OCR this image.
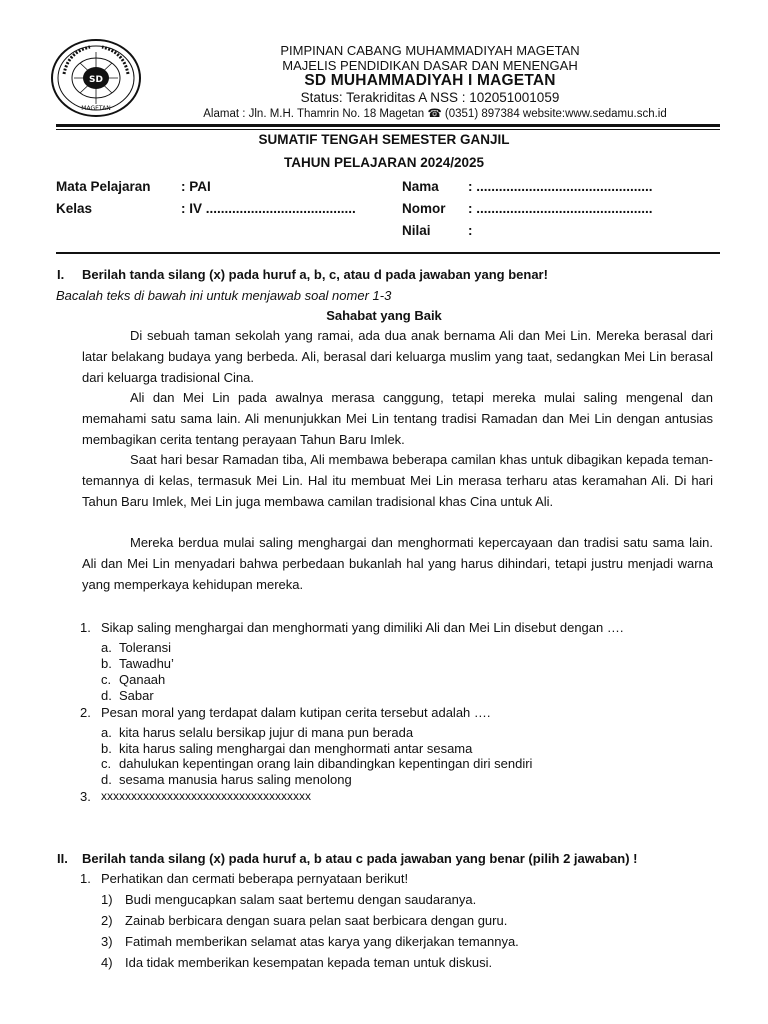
SD
MAGETAN
PIMPINAN CABANG MUHAMMADIYAH MAGETAN
MAJELIS PENDIDIKAN DASAR DAN MENENGAH
SD MUHAMMADIYAH I MAGETAN
Status: Terakriditas A NSS : 102051001059
Alamat : Jln. M.H. Thamrin No. 18 Magetan ☎ (0351) 897384 website:www.sedamu.sch.id
SUMATIF TENGAH SEMESTER GANJIL
TAHUN PELAJARAN 2024/2025
Mata Pelajaran : PAI
Kelas	: IV ........................................
Nama : ...............................................
Nomor : ...............................................
Nilai	:
I. Berilah tanda silang (x) pada huruf a, b, c, atau d pada jawaban yang benar!
Bacalah teks di bawah ini untuk menjawab soal nomer 1-3
Sahabat yang Baik

Di sebuah taman sekolah yang ramai, ada dua anak bernama Ali dan Mei Lin. Mereka berasal dari latar belakang budaya yang berbeda. Ali, berasal dari keluarga muslim yang taat, sedangkan Mei Lin berasal dari keluarga tradisional Cina.

Ali dan Mei Lin pada awalnya merasa canggung, tetapi mereka mulai saling mengenal dan memahami satu sama lain. Ali menunjukkan Mei Lin tentang tradisi Ramadan dan Mei Lin dengan antusias membagikan cerita tentang perayaan Tahun Baru Imlek.

Saat hari besar Ramadan tiba, Ali membawa beberapa camilan khas untuk dibagikan kepada teman-temannya di kelas, termasuk Mei Lin. Hal itu membuat Mei Lin merasa terharu atas keramahan Ali. Di hari Tahun Baru Imlek, Mei Lin juga membawa camilan tradisional khas Cina untuk Ali.

Mereka berdua mulai saling menghargai dan menghormati kepercayaan dan tradisi satu sama lain. Ali dan Mei Lin menyadari bahwa perbedaan bukanlah hal yang harus dihindari, tetapi justru menjadi warna yang memperkaya kehidupan mereka.

1. Sikap saling menghargai dan menghormati yang dimiliki Ali dan Mei Lin disebut dengan ….
a. Toleransi
b. Tawadhu’
c. Qanaah
d. Sabar
2. Pesan moral yang terdapat dalam kutipan cerita tersebut adalah ….
a. kita harus selalu bersikap jujur di mana pun berada
b. kita harus saling menghargai dan menghormati antar sesama
c. dahulukan kepentingan orang lain dibandingkan kepentingan diri sendiri
d. sesama manusia harus saling menolong
3. xxxxxxxxxxxxxxxxxxxxxxxxxxxxxxxxxxx
II. Berilah tanda silang (x) pada huruf a, b atau c pada jawaban yang benar (pilih 2 jawaban) !
1. Perhatikan dan cermati beberapa pernyataan berikut!
1) Budi mengucapkan salam saat bertemu dengan saudaranya.
2) Zainab berbicara dengan suara pelan saat berbicara dengan guru.
3) Fatimah memberikan selamat atas karya yang dikerjakan temannya.
4) Ida tidak memberikan kesempatan kepada teman untuk diskusi.
